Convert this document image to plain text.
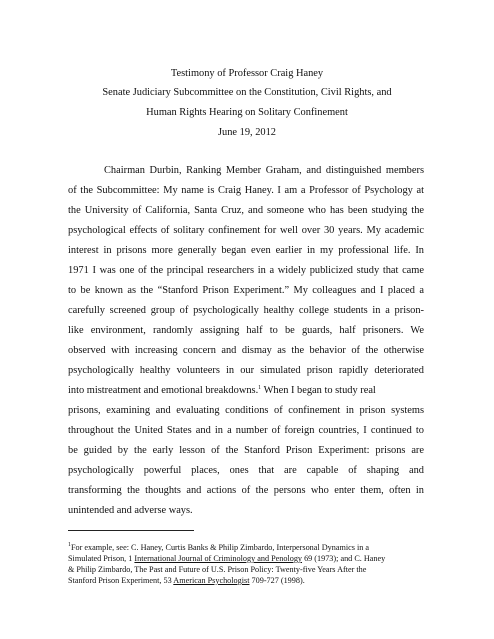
Testimony of Professor Craig Haney
Senate Judiciary Subcommittee on the Constitution, Civil Rights, and
Human Rights Hearing on Solitary Confinement
June 19, 2012
Chairman Durbin, Ranking Member Graham, and distinguished members
of the Subcommittee: My name is Craig Haney. I am a Professor of Psychology at
the University of California, Santa Cruz, and someone who has been studying the
psychological effects of solitary confinement for well over 30 years. My academic
interest in prisons more generally began even earlier in my professional life. In
1971 I was one of the principal researchers in a widely publicized study that came
to be known as the “Stanford Prison Experiment.” My colleagues and I placed a
carefully screened group of psychologically healthy college students in a prison-
like environment, randomly assigning half to be guards, half prisoners. We
observed with increasing concern and dismay as the behavior of the otherwise
psychologically healthy volunteers in our simulated prison rapidly deteriorated
into mistreatment and emotional breakdowns.$^1$ When I began to study real
prisons, examining and evaluating conditions of confinement in prison systems
throughout the United States and in a number of foreign countries, I continued to
be guided by the early lesson of the Stanford Prison Experiment: prisons are
psychologically powerful places, ones that are capable of shaping and
transforming the thoughts and actions of the persons who enter them, often in
unintended and adverse ways.
$^1$For example, see: C. Haney, Curtis Banks & Philip Zimbardo, Interpersonal Dynamics in a
Simulated Prison, 1 International Journal of Criminology and Penology 69 (1973); and C. Haney
& Philip Zimbardo, The Past and Future of U.S. Prison Policy: Twenty-five Years After the
Stanford Prison Experiment, 53 American Psychologist 709-727 (1998).
